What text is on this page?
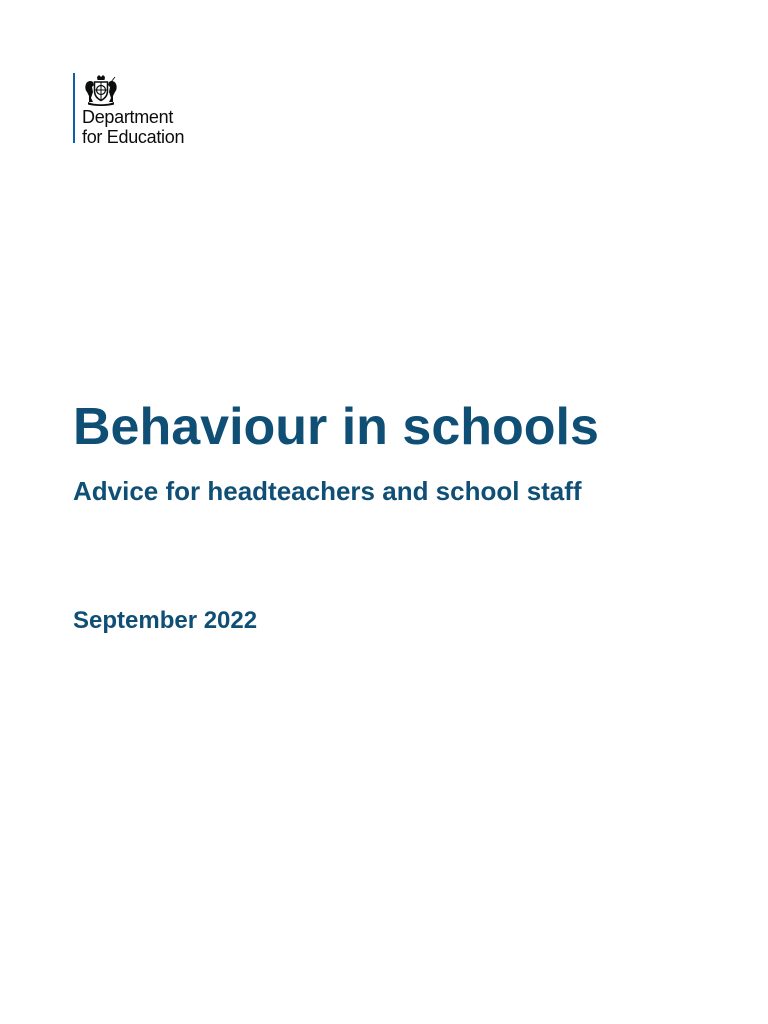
Department
for Education
Behaviour in schools
Advice for headteachers and school staff

September 2022
